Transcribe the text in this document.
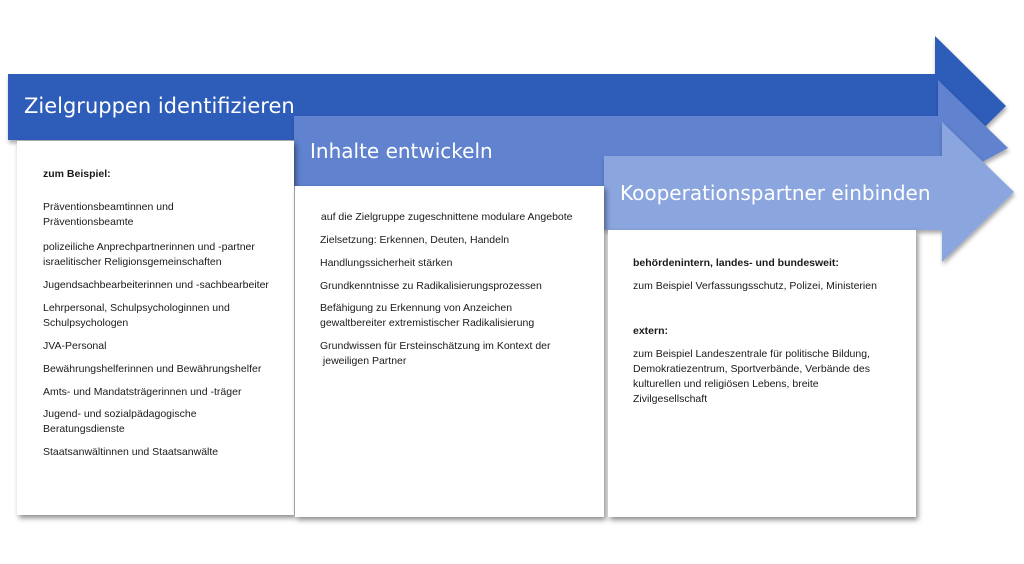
Zielgruppen identifizieren
Inhalte entwickeln
Kooperationspartner einbinden
zum Beispiel:
Präventionsbeamtinnen und
Präventionsbeamte
polizeiliche Anprechpartnerinnen und -partner
israelitischer Religionsgemeinschaften
Jugendsachbearbeiterinnen und -sachbearbeiter
Lehrpersonal, Schulpsychologinnen und
Schulpsychologen
JVA-Personal
Bewährungshelferinnen und Bewährungshelfer
Amts- und Mandatsträgerinnen und -träger
Jugend- und sozialpädagogische
Beratungsdienste
Staatsanwältinnen und Staatsanwälte
auf die Zielgruppe zugeschnittene modulare Angebote
Zielsetzung: Erkennen, Deuten, Handeln
Handlungssicherheit stärken
Grundkenntnisse zu Radikalisierungsprozessen
Befähigung zu Erkennung von Anzeichen
gewaltbereiter extremistischer Radikalisierung
Grundwissen für Ersteinschätzung im Kontext der
jeweiligen Partner
behördenintern, landes- und bundesweit:
zum Beispiel Verfassungsschutz, Polizei, Ministerien
extern:
zum Beispiel Landeszentrale für politische Bildung,
Demokratiezentrum, Sportverbände, Verbände des
kulturellen und religiösen Lebens, breite
Zivilgesellschaft
